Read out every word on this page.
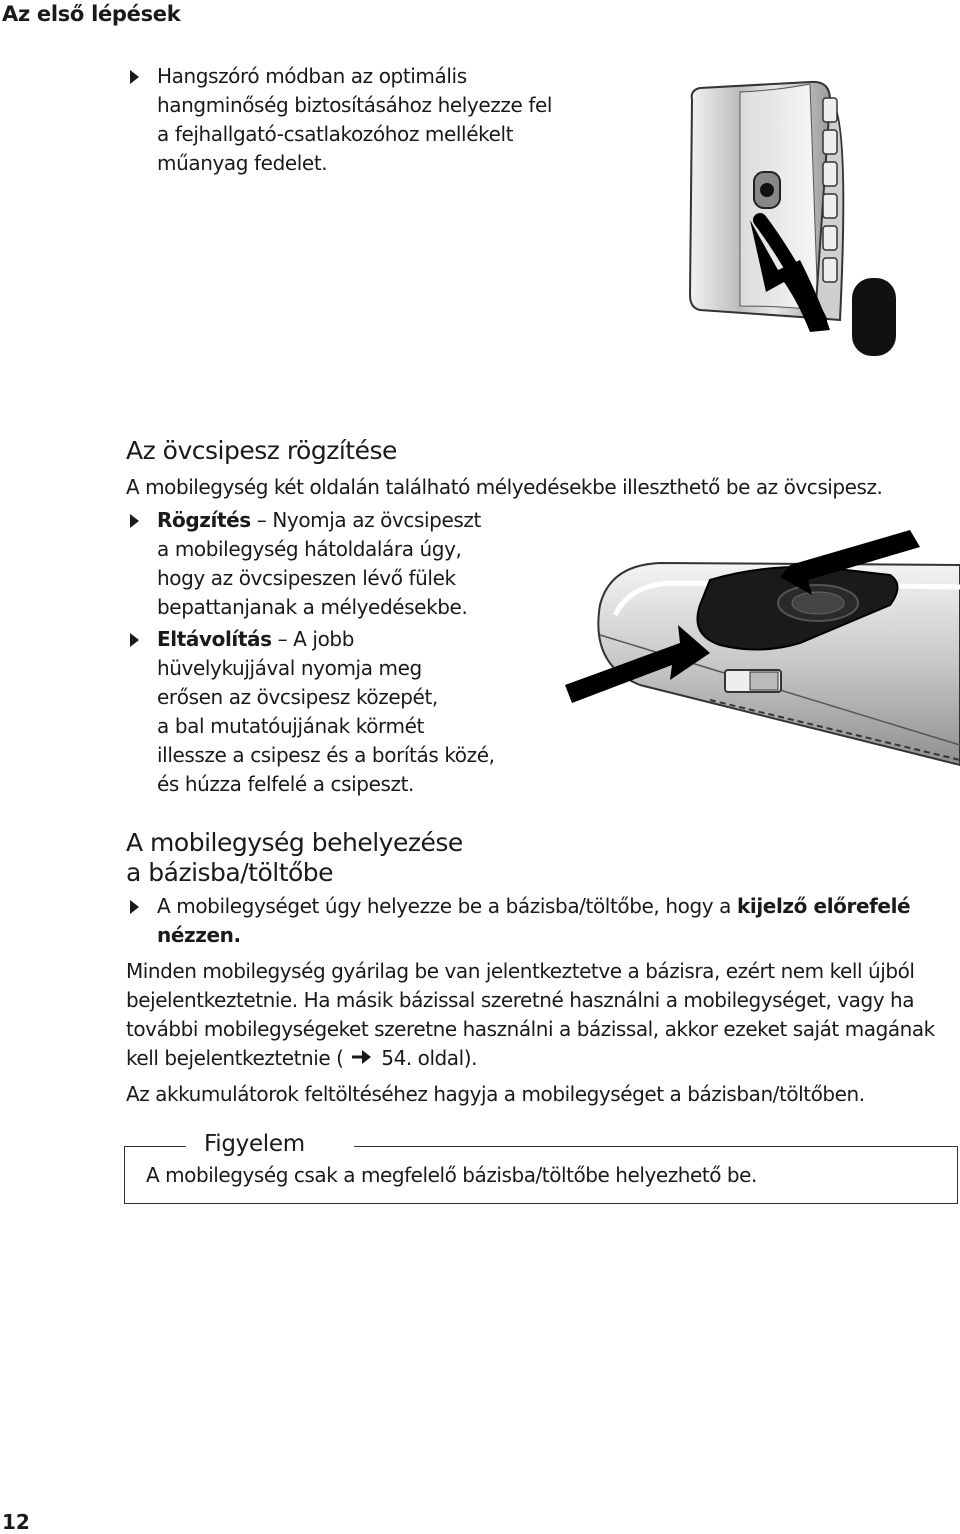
Az első lépések
Hangszóró módban az optimális
hangminőség biztosításához helyezze fel
a fejhallgató-csatlakozóhoz mellékelt
műanyag fedelet.
Az övcsipesz rögzítése
A mobilegység két oldalán található mélyedésekbe illeszthető be az övcsipesz.
Rögzítés – Nyomja az övcsipeszt
a mobilegység hátoldalára úgy,
hogy az övcsipeszen lévő fülek
bepattanjanak a mélyedésekbe.
Eltávolítás – A jobb
hüvelykujjával nyomja meg
erősen az övcsipesz közepét,
a bal mutatóujjának körmét
illessze a csipesz és a borítás közé,
és húzza felfelé a csipeszt.
A mobilegység behelyezése
a bázisba/töltőbe
A mobilegységet úgy helyezze be a bázisba/töltőbe, hogy a kijelző előrefelé
nézzen.
Minden mobilegység gyárilag be van jelentkeztetve a bázisra, ezért nem kell újból
bejelentkeztetnie. Ha másik bázissal szeretné használni a mobilegységet, vagy ha
további mobilegységeket szeretne használni a bázissal, akkor ezeket saját magának
kell bejelentkeztetnie ( 54. oldal).
Az akkumulátorok feltöltéséhez hagyja a mobilegységet a bázisban/töltőben.
Figyelem
A mobilegység csak a megfelelő bázisba/töltőbe helyezhető be.
12
